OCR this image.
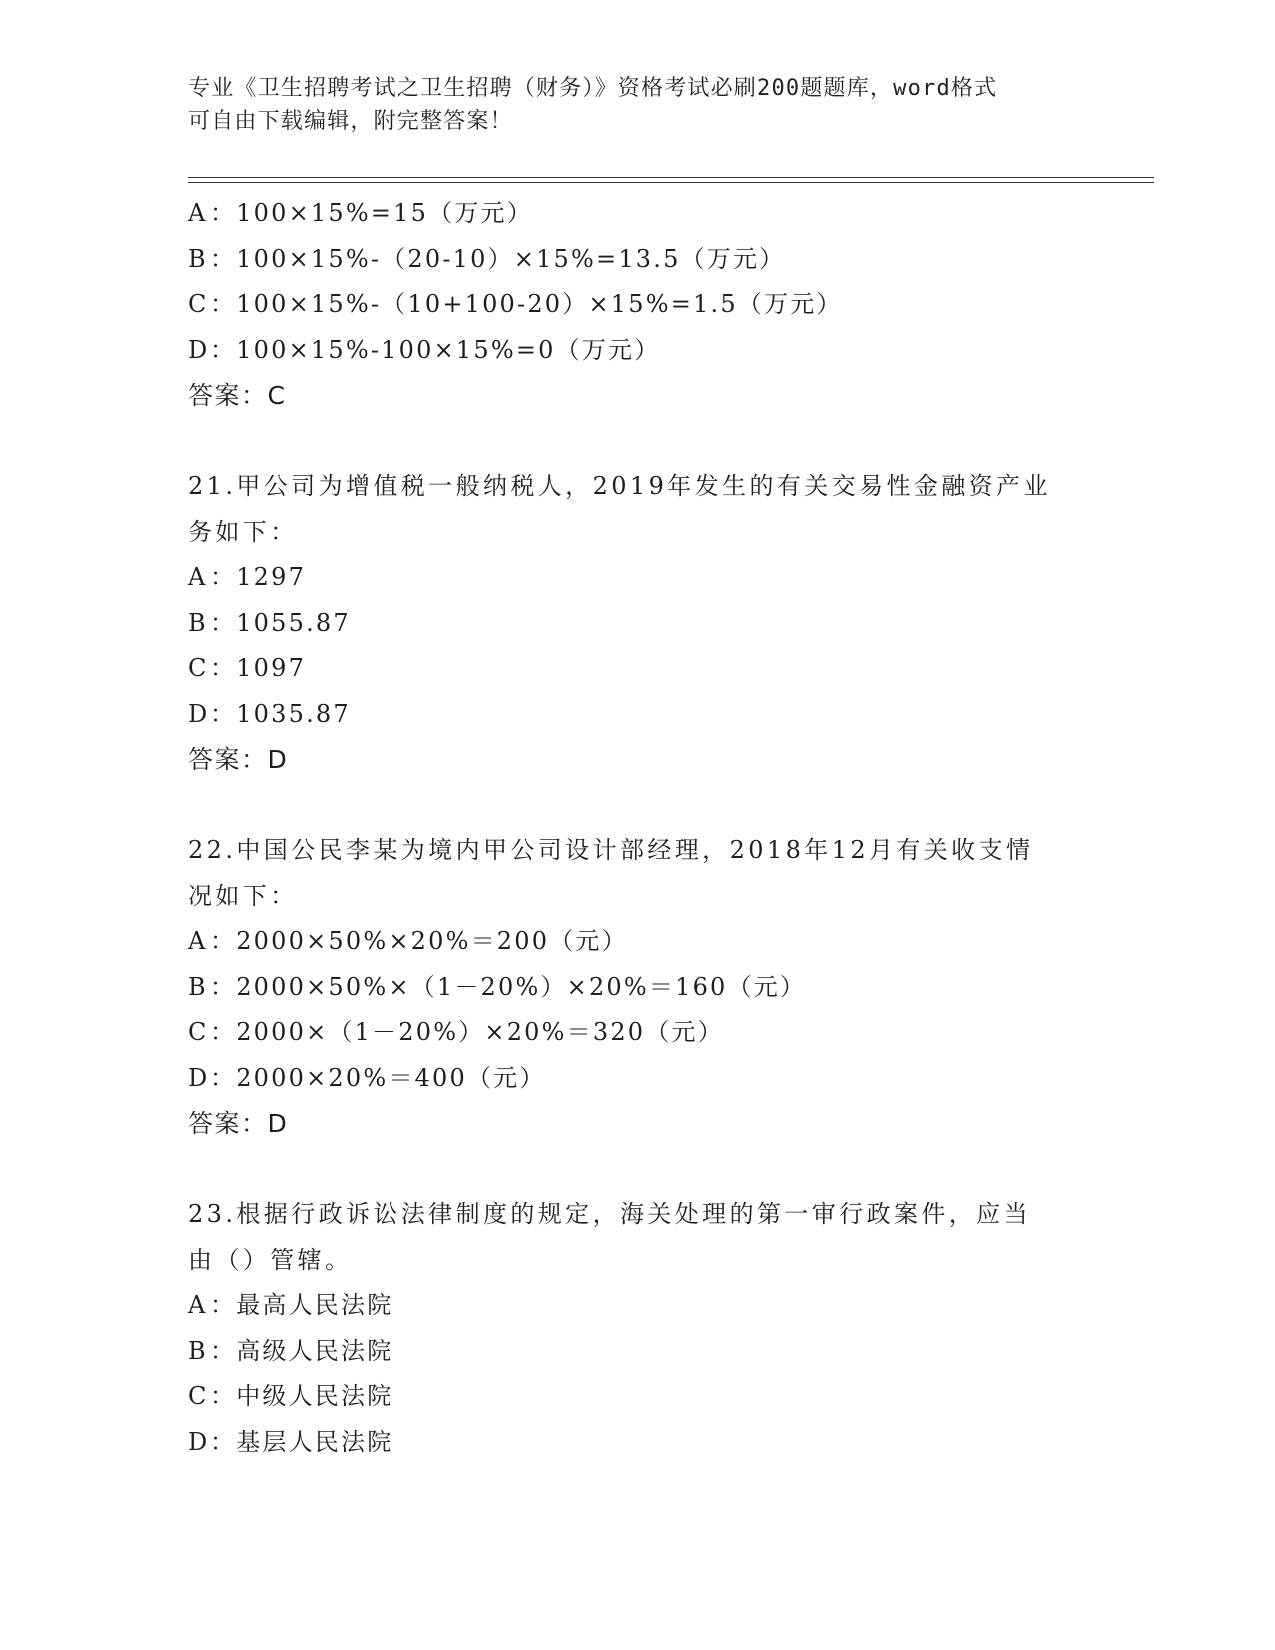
专业《卫生招聘考试之卫生招聘（财务）》资格考试必刷200题题库，word格式
可自由下载编辑，附完整答案！
A ：100×15%=15（万元）
B：100×15%-（20-10）×15%=13.5（万元）
C：100×15%-（10+100-20）×15%=1.5（万元）
D：100×15%-100×15%=0（万元）
答案：C
21.甲公司为增值税一般纳税人，2019年发生的有关交易性金融资产业
务如下：
A ：1297
B：1055.87
C：1097
D：1035.87
答案：D
22.中国公民李某为境内甲公司设计部经理，2018年12月有关收支情
况如下：
A ：2000×50%×20%＝200（元）
B：2000×50%×（1－20%）×20%＝160（元）
C：2000×（1－20%）×20%＝320（元）
D：2000×20%＝400（元）
答案：D
23.根据行政诉讼法律制度的规定，海关处理的第一审行政案件，应当
由（）管辖。
A ：最高人民法院
B：高级人民法院
C：中级人民法院
D：基层人民法院
